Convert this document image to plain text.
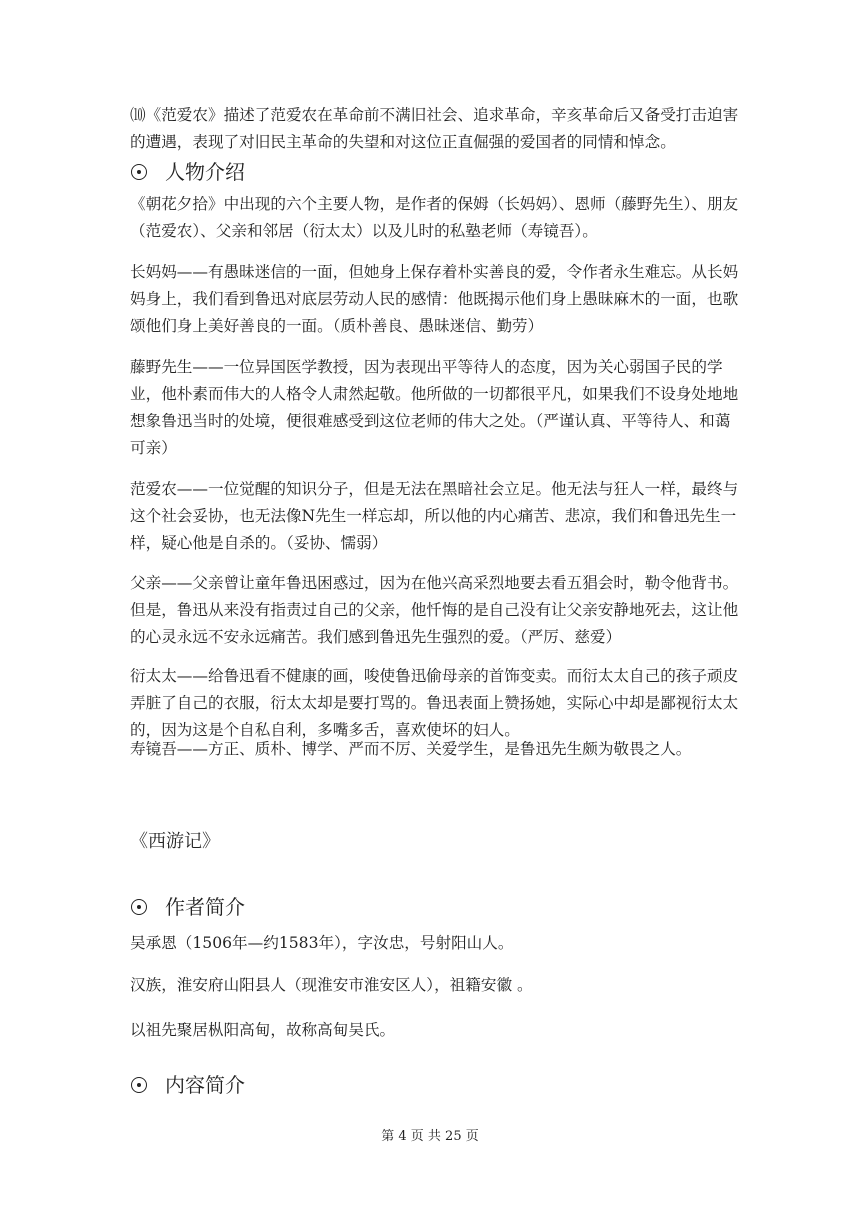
⑽《范爱农》描述了范爱农在革命前不满旧社会、追求革命，辛亥革命后又备受打击迫害的遭遇，表现了对旧民主革命的失望和对这位正直倔强的爱国者的同情和悼念。

人物介绍

《朝花夕拾》中出现的六个主要人物，是作者的保姆（长妈妈）、恩师（藤野先生）、朋友（范爱农）、父亲和邻居（衍太太）以及儿时的私塾老师（寿镜吾）。

长妈妈——有愚昧迷信的一面，但她身上保存着朴实善良的爱，令作者永生难忘。从长妈妈身上，我们看到鲁迅对底层劳动人民的感情：他既揭示他们身上愚昧麻木的一面，也歌颂他们身上美好善良的一面。（质朴善良、愚昧迷信、勤劳）

藤野先生——一位异国医学教授，因为表现出平等待人的态度，因为关心弱国子民的学业，他朴素而伟大的人格令人肃然起敬。他所做的一切都很平凡，如果我们不设身处地地想象鲁迅当时的处境，便很难感受到这位老师的伟大之处。（严谨认真、平等待人、和蔼可亲）

范爱农——一位觉醒的知识分子，但是无法在黑暗社会立足。他无法与狂人一样，最终与这个社会妥协，也无法像N先生一样忘却，所以他的内心痛苦、悲凉，我们和鲁迅先生一样，疑心他是自杀的。（妥协、懦弱）

父亲——父亲曾让童年鲁迅困惑过，因为在他兴高采烈地要去看五猖会时，勒令他背书。但是，鲁迅从来没有指责过自己的父亲，他忏悔的是自己没有让父亲安静地死去，这让他的心灵永远不安永远痛苦。我们感到鲁迅先生强烈的爱。（严厉、慈爱）

衍太太——给鲁迅看不健康的画，唆使鲁迅偷母亲的首饰变卖。而衍太太自己的孩子顽皮弄脏了自己的衣服，衍太太却是要打骂的。鲁迅表面上赞扬她，实际心中却是鄙视衍太太的，因为这是个自私自利，多嘴多舌，喜欢使坏的妇人。

寿镜吾——方正、质朴、博学、严而不厉、关爱学生，是鲁迅先生颇为敬畏之人。

《西游记》

作者简介

吴承恩（1506年—约1583年），字汝忠，号射阳山人。

汉族，淮安府山阳县人（现淮安市淮安区人），祖籍安徽 。

以祖先聚居枞阳高甸，故称高甸吴氏。

内容简介
第 4 页 共 25 页
